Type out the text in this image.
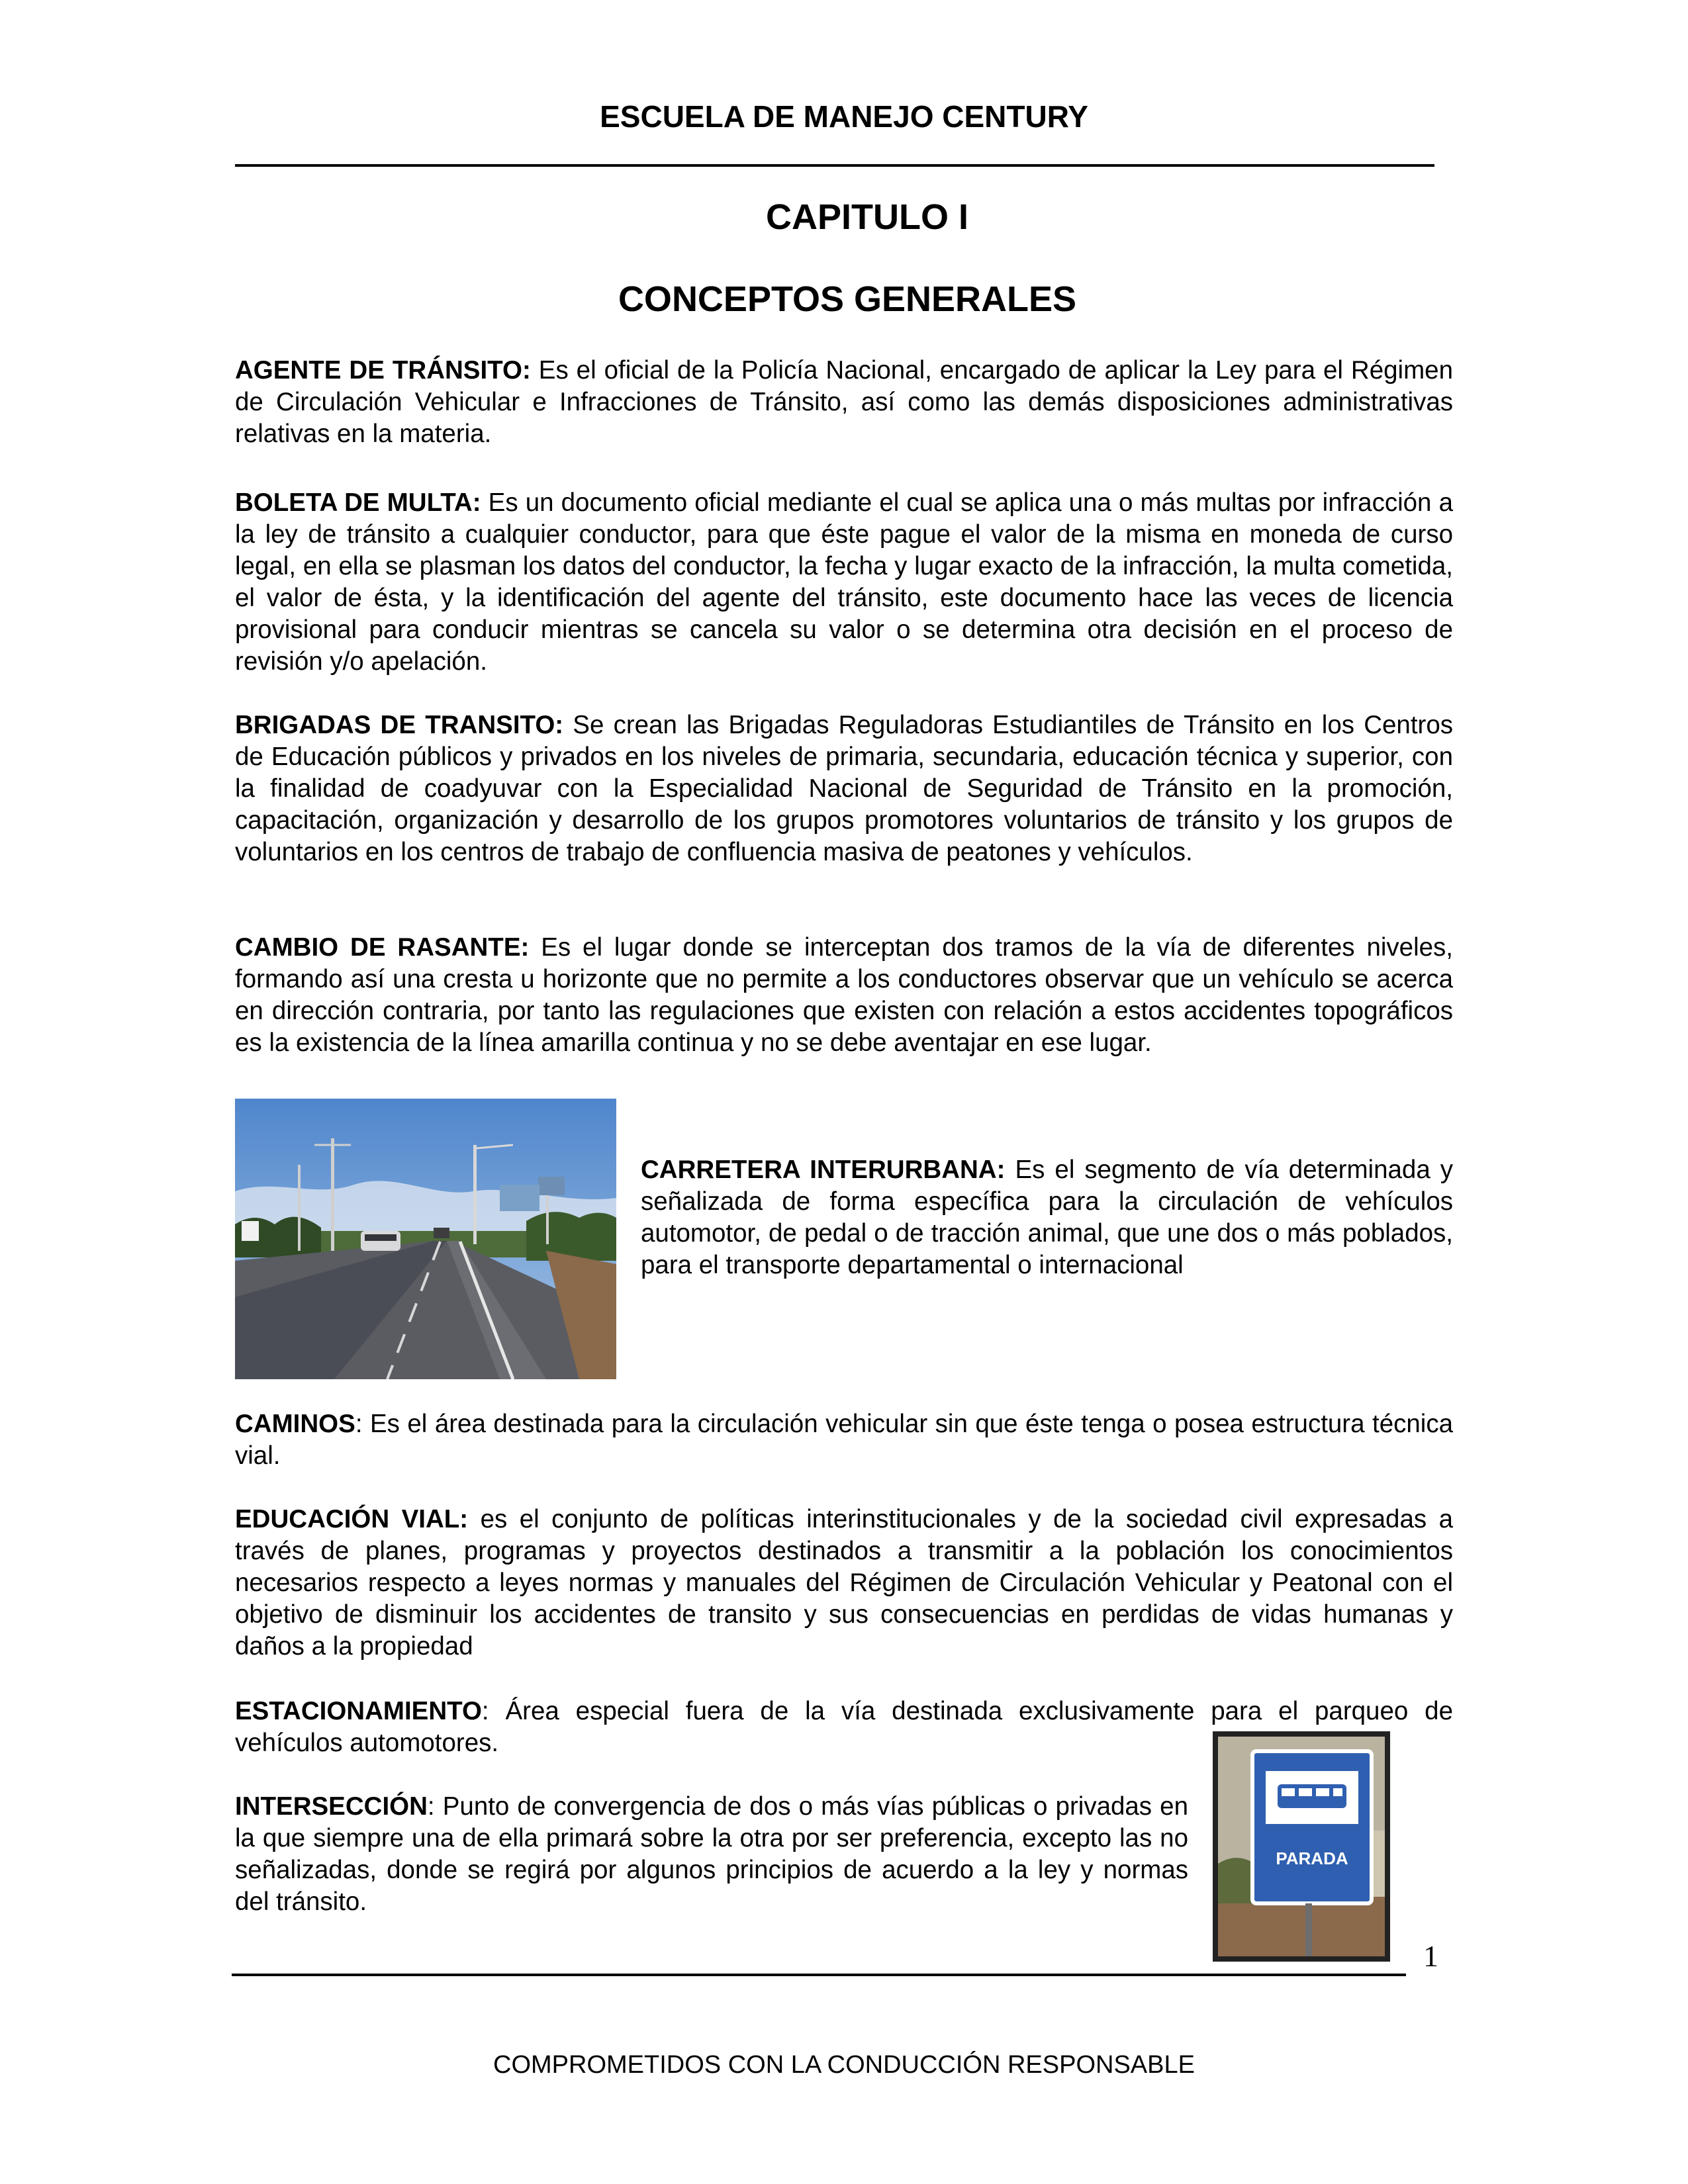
ESCUELA DE MANEJO CENTURY
CAPITULO I
CONCEPTOS GENERALES

AGENTE DE TRÁNSITO: Es el oficial de la Policía Nacional, encargado de aplicar la Ley para el Régimen de Circulación Vehicular e Infracciones de Tránsito, así como las demás disposiciones administrativas relativas en la materia.

BOLETA DE MULTA: Es un documento oficial mediante el cual se aplica una o más multas por infracción a la ley de tránsito a cualquier conductor, para que éste pague el valor de la misma en moneda de curso legal, en ella se plasman los datos del conductor, la fecha y lugar exacto de la infracción, la multa cometida, el valor de ésta, y la identificación del agente del tránsito, este documento hace las veces de licencia provisional para conducir mientras se cancela su valor o se determina otra decisión en el proceso de revisión y/o apelación.

BRIGADAS DE TRANSITO: Se crean las Brigadas Reguladoras Estudiantiles de Tránsito en los Centros de Educación públicos y privados en los niveles de primaria, secundaria, educación técnica y superior, con la finalidad de coadyuvar con la Especialidad Nacional de Seguridad de Tránsito en la promoción, capacitación, organización y desarrollo de los grupos promotores voluntarios de tránsito y los grupos de voluntarios en los centros de trabajo de confluencia masiva de peatones y vehículos.

CAMBIO DE RASANTE: Es el lugar donde se interceptan dos tramos de la vía de diferentes niveles, formando así una cresta u horizonte que no permite a los conductores observar que un vehículo se acerca en dirección contraria, por tanto las regulaciones que existen con relación a estos accidentes topográficos es la existencia de la línea amarilla continua y no se debe aventajar en ese lugar.

CARRETERA INTERURBANA: Es el segmento de vía determinada y señalizada de forma específica para la circulación de vehículos automotor, de pedal o de tracción animal, que une dos o más poblados, para el transporte departamental o internacional

CAMINOS: Es el área destinada para la circulación vehicular sin que éste tenga o posea estructura técnica vial.

EDUCACIÓN VIAL: es el conjunto de políticas interinstitucionales y de la sociedad civil expresadas a través de planes, programas y proyectos destinados a transmitir a la población los conocimientos necesarios respecto a leyes normas y manuales del Régimen de Circulación Vehicular y Peatonal con el objetivo de disminuir los accidentes de transito y sus consecuencias en perdidas de vidas humanas y daños a la propiedad

ESTACIONAMIENTO: Área especial fuera de la vía destinada exclusivamente para el parqueo de vehículos automotores.

INTERSECCIÓN: Punto de convergencia de dos o más vías públicas o privadas en la que siempre una de ella primará sobre la otra por ser preferencia, excepto las no señalizadas, donde se regirá por algunos principios de acuerdo a la ley y normas del tránsito.

PARADA
1
COMPROMETIDOS CON LA CONDUCCIÓN RESPONSABLE
